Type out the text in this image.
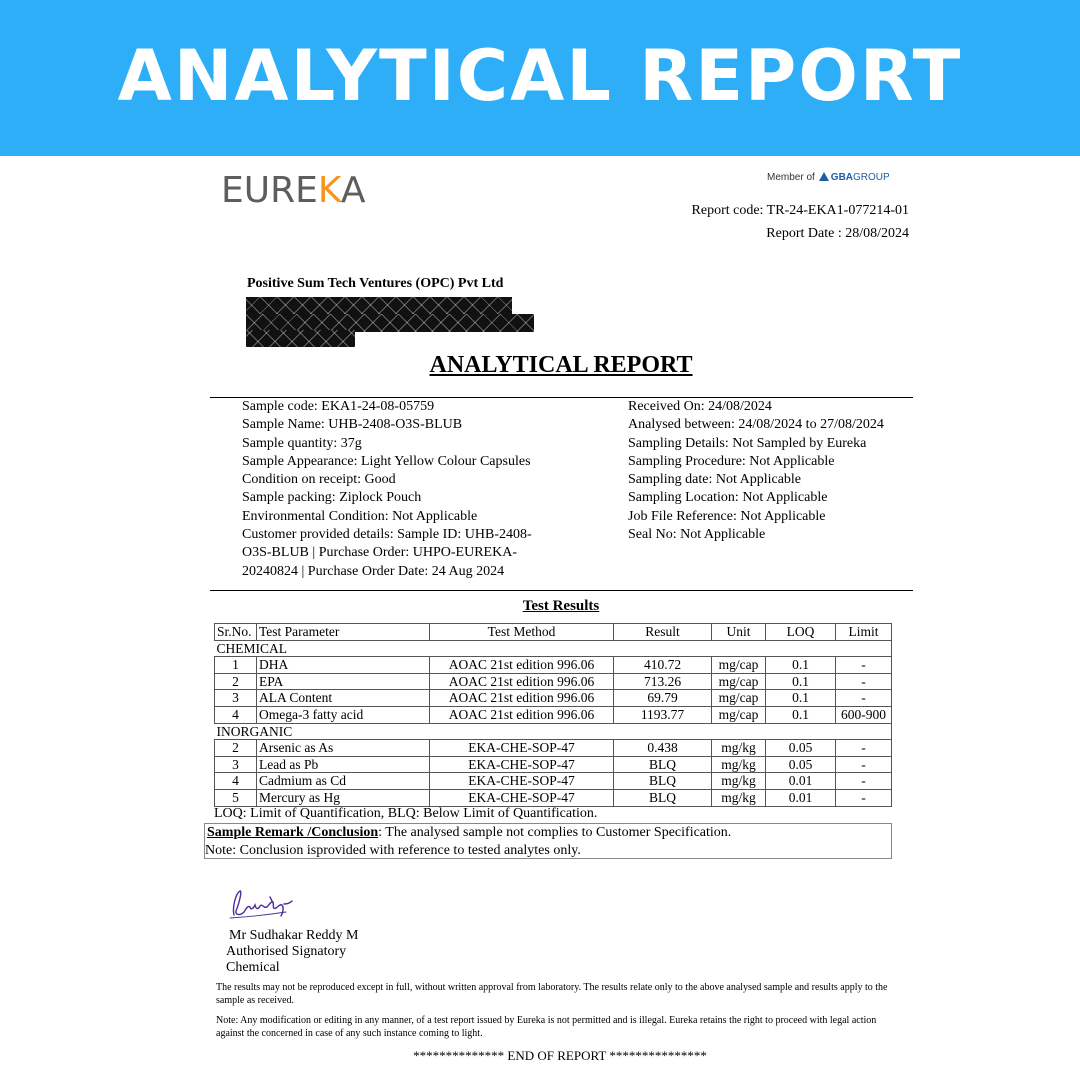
ANALYTICAL REPORT
EUREKA	Member of GBAGROUP
Report code: TR-24-EKA1-077214-01
Report Date : 28/08/2024
Positive Sum Tech Ventures (OPC) Pvt Ltd
ANALYTICAL REPORT
Sample code: EKA1-24-08-05759
Sample Name: UHB-2408-O3S-BLUB
Sample quantity: 37g
Sample Appearance: Light Yellow Colour Capsules
Condition on receipt: Good
Sample packing: Ziplock Pouch
Environmental Condition: Not Applicable
Customer provided details: Sample ID: UHB-2408-
O3S-BLUB | Purchase Order: UHPO-EUREKA-
20240824 | Purchase Order Date: 24 Aug 2024
Received On: 24/08/2024
Analysed between: 24/08/2024 to 27/08/2024
Sampling Details: Not Sampled by Eureka
Sampling Procedure: Not Applicable
Sampling date: Not Applicable
Sampling Location: Not Applicable
Job File Reference: Not Applicable
Seal No: Not Applicable
Test Results
Sr.No.	Test Parameter	Test Method	Result	Unit	LOQ	Limit
CHEMICAL						
1	DHA	AOAC 21st edition 996.06	410.72	mg/cap	0.1	-
2	EPA	AOAC 21st edition 996.06	713.26	mg/cap	0.1	-
3	ALA Content	AOAC 21st edition 996.06	69.79	mg/cap	0.1	-
4	Omega-3 fatty acid	AOAC 21st edition 996.06	1193.77	mg/cap	0.1	600-900
INORGANIC						
2	Arsenic as As	EKA-CHE-SOP-47	0.438	mg/kg	0.05	-
3	Lead as Pb	EKA-CHE-SOP-47	BLQ	mg/kg	0.05	-
4	Cadmium as Cd	EKA-CHE-SOP-47	BLQ	mg/kg	0.01	-
5	Mercury as Hg	EKA-CHE-SOP-47	BLQ	mg/kg	0.01	-
LOQ: Limit of Quantification, BLQ: Below Limit of Quantification.
Sample Remark /Conclusion: The analysed sample not complies to Customer Specification.
Note: Conclusion isprovided with reference to tested analytes only.
Mr Sudhakar Reddy M
Authorised Signatory
Chemical
The results may not be reproduced except in full, without written approval from laboratory. The results relate only to the above analysed sample and results apply to the sample as received.
Note: Any modification or editing in any manner, of a test report issued by Eureka is not permitted and is illegal. Eureka retains the right to proceed with legal action against the concerned in case of any such instance coming to light.
************** END OF REPORT ***************
